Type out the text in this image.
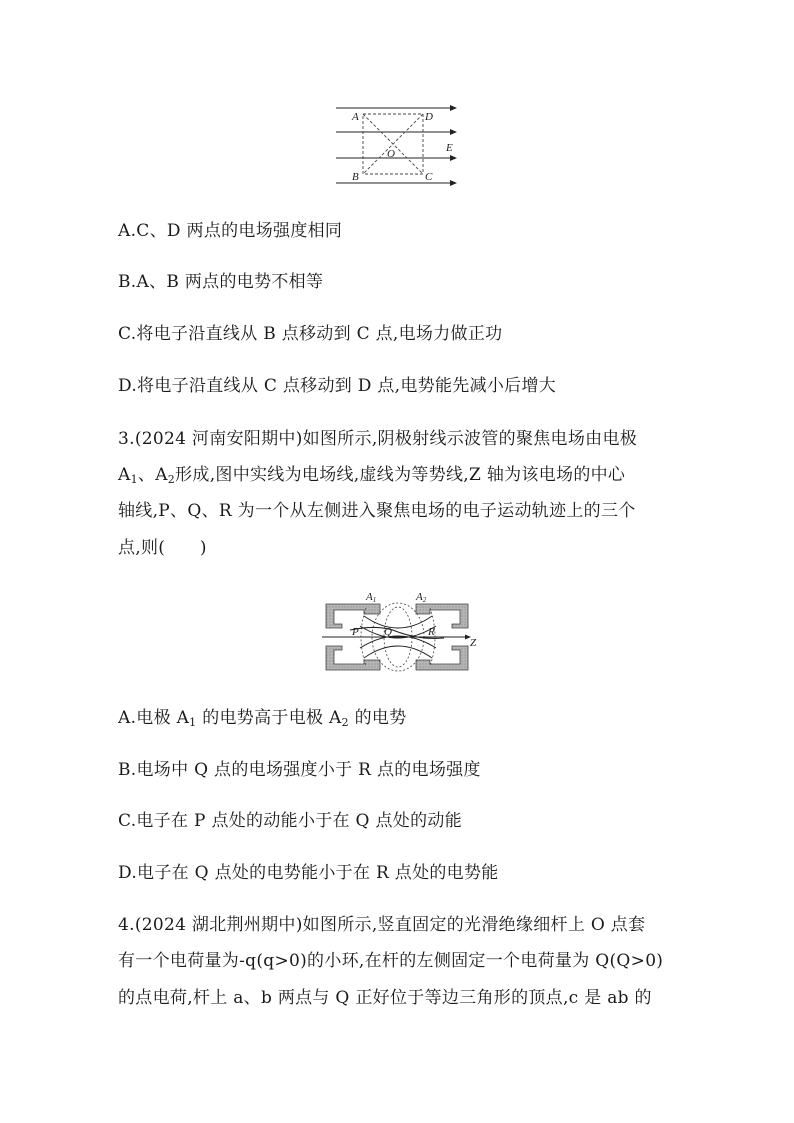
A	D
O	E
B	C
A.C、D 两点的电场强度相同
B.A、B 两点的电势不相等
C.将电子沿直线从 B 点移动到 C 点,电场力做正功
D.将电子沿直线从 C 点移动到 D 点,电势能先减小后增大
3.(2024 河南安阳期中)如图所示,阴极射线示波管的聚焦电场由电极
$A_1$、$A_2$形成,图中实线为电场线,虚线为等势线,Z 轴为该电场的中心
轴线,P、Q、R 为一个从左侧进入聚焦电场的电子运动轨迹上的三个
点,则(　　)
A1	A2
P Q	R
Z
A.电极 $A_1$ 的电势高于电极 $A_2$ 的电势
B.电场中 Q 点的电场强度小于 R 点的电场强度
C.电子在 P 点处的动能小于在 Q 点处的动能
D.电子在 Q 点处的电势能小于在 R 点处的电势能
4.(2024 湖北荆州期中)如图所示,竖直固定的光滑绝缘细杆上 O 点套
有一个电荷量为-q(q>0)的小环,在杆的左侧固定一个电荷量为 Q(Q>0)
的点电荷,杆上 a、b 两点与 Q 正好位于等边三角形的顶点,c 是 ab 的
